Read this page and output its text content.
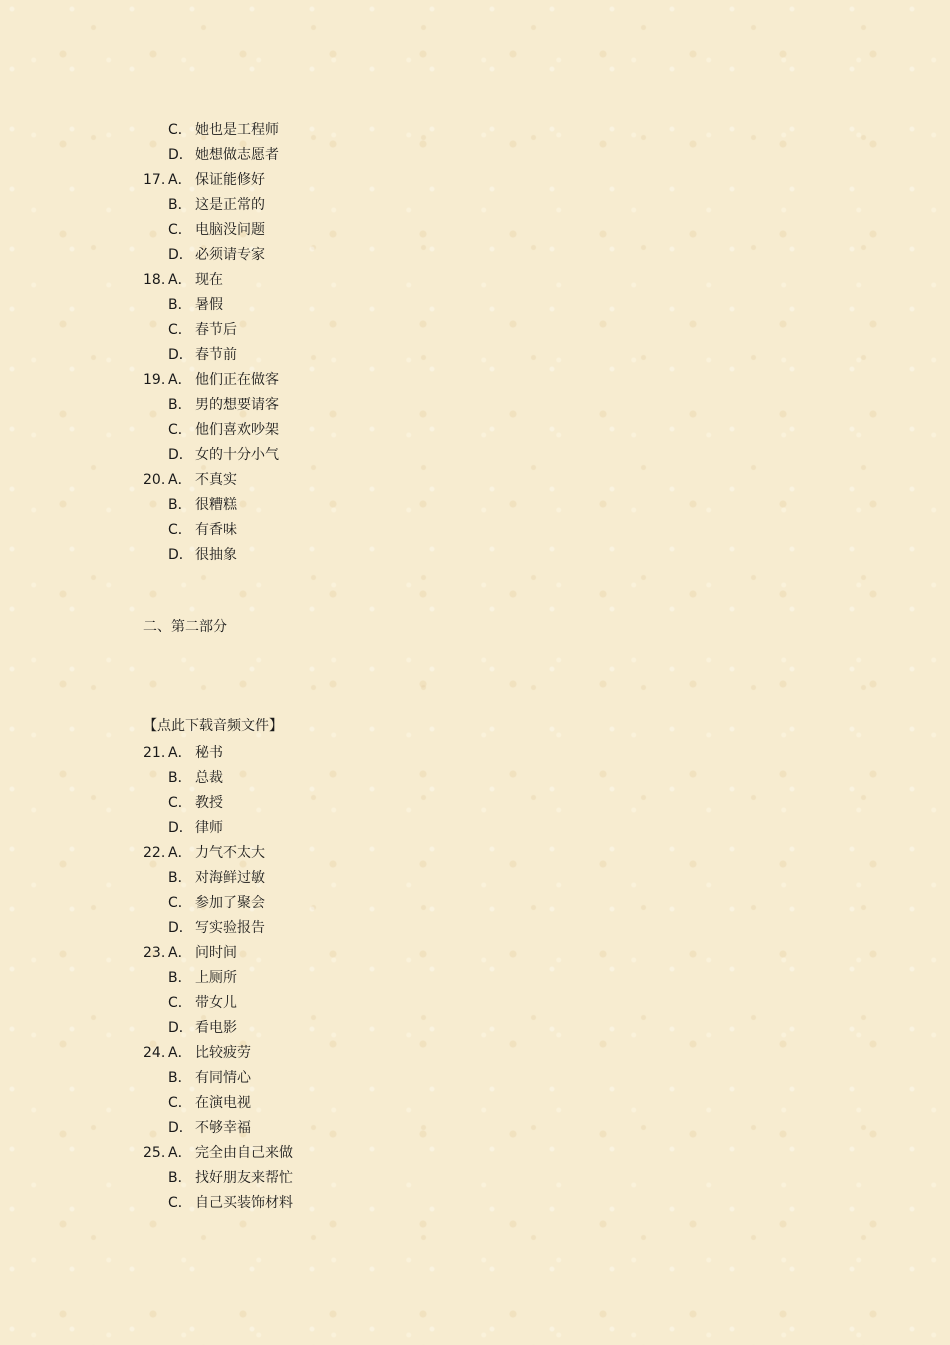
C． 她也是工程师
D． 她想做志愿者
17. A． 保证能修好
B． 这是正常的
C． 电脑没问题
D． 必须请专家
18. A． 现在
B． 暑假
C． 春节后
D． 春节前
19. A． 他们正在做客
B． 男的想要请客
C． 他们喜欢吵架
D． 女的十分小气
20. A． 不真实
B． 很糟糕
C． 有香味
D． 很抽象
二、第二部分
【点此下载音频文件】
21. A． 秘书
B． 总裁
C． 教授
D． 律师
22. A． 力气不太大
B． 对海鲜过敏
C． 参加了聚会
D． 写实验报告
23. A． 问时间
B． 上厕所
C． 带女儿
D． 看电影
24. A． 比较疲劳
B． 有同情心
C． 在演电视
D． 不够幸福
25. A． 完全由自己来做
B． 找好朋友来帮忙
C． 自己买装饰材料
